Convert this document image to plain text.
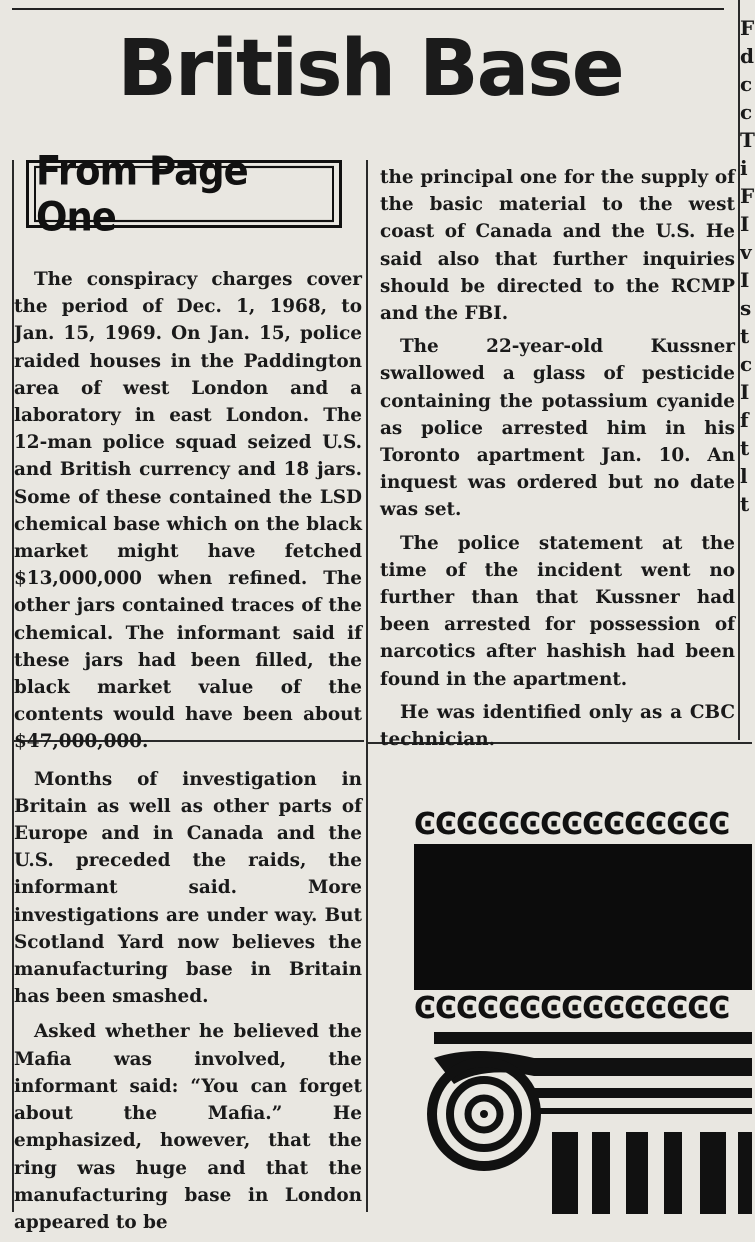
British Base
From Page One

The conspiracy charges cover the period of Dec. 1, 1968, to Jan. 15, 1969. On Jan. 15, police raided houses in the Paddington area of west London and a laboratory in east London. The 12-man police squad seized U.S. and British currency and 18 jars. Some of these contained the LSD chemical base which on the black market might have fetched $13,000,000 when refined. The other jars contained traces of the chemical. The informant said if these jars had been filled, the black market value of the contents would have been about $47,000,000.

Months of investigation in Britain as well as other parts of Europe and in Canada and the U.S. preceded the raids, the informant said. More investigations are under way. But Scotland Yard now believes the manufacturing base in Britain has been smashed.

Asked whether he believed the Mafia was involved, the informant said: “You can forget about the Mafia.” He emphasized, however, that the ring was huge and that the manufacturing base in London appeared to be

the principal one for the supply of the basic material to the west coast of Canada and the U.S. He said also that further inquiries should be directed to the RCMP and the FBI.

The 22-year-old Kussner swallowed a glass of pesticide containing the potassium cyanide as police arrested him in his Toronto apartment Jan. 10. An inquest was ordered but no date was set.

The police statement at the time of the incident went no further than that Kussner had been arrested for possession of narcotics after hashish had been found in the apartment.

He was identified only as a CBC technician.

F d c c T i F I v I s t c I f t l t
ϾϾϾϾϾϾϾϾϾϾϾϾϾϾϾ
ϾϾϾϾϾϾϾϾϾϾϾϾϾϾϾ
